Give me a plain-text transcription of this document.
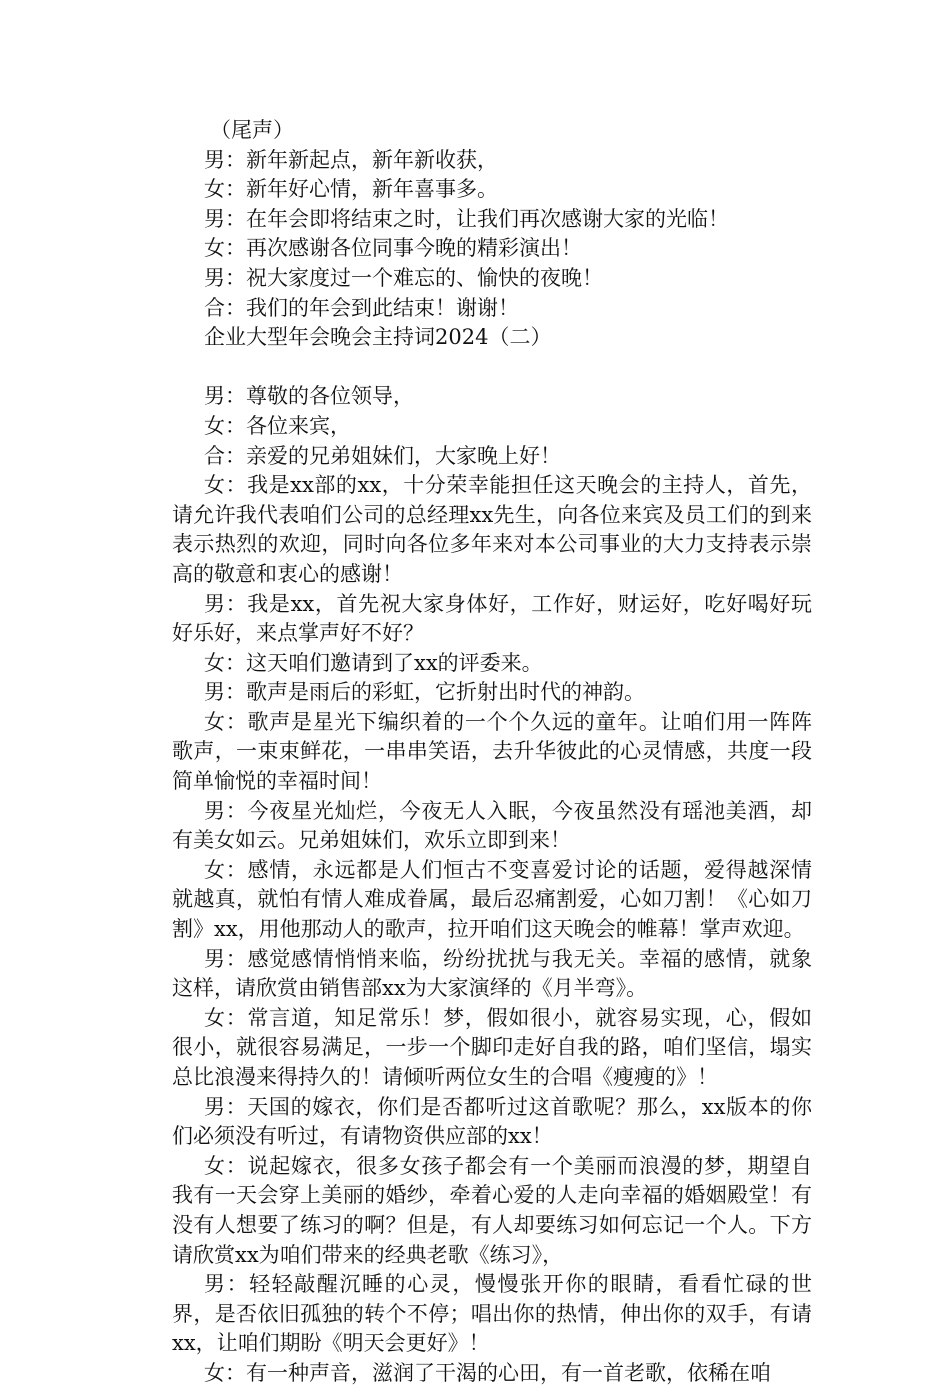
（尾声）
男：新年新起点，新年新收获，
女：新年好心情，新年喜事多。
男：在年会即将结束之时，让我们再次感谢大家的光临！
女：再次感谢各位同事今晚的精彩演出！
男：祝大家度过一个难忘的、愉快的夜晚！
合：我们的年会到此结束！谢谢！
企业大型年会晚会主持词2024（二）
男：尊敬的各位领导，
女：各位来宾，
合：亲爱的兄弟姐妹们，大家晚上好！
女：我是xx部的xx，十分荣幸能担任这天晚会的主持人，首先，请允许我代表咱们公司的总经理xx先生，向各位来宾及员工们的到来表示热烈的欢迎，同时向各位多年来对本公司事业的大力支持表示崇高的敬意和衷心的感谢！
男：我是xx，首先祝大家身体好，工作好，财运好，吃好喝好玩好乐好，来点掌声好不好？
女：这天咱们邀请到了xx的评委来。
男：歌声是雨后的彩虹，它折射出时代的神韵。
女：歌声是星光下编织着的一个个久远的童年。让咱们用一阵阵歌声，一束束鲜花，一串串笑语，去升华彼此的心灵情感，共度一段简单愉悦的幸福时间！
男：今夜星光灿烂，今夜无人入眠，今夜虽然没有瑶池美酒，却有美女如云。兄弟姐妹们，欢乐立即到来！
女：感情，永远都是人们恒古不变喜爱讨论的话题，爱得越深情就越真，就怕有情人难成眷属，最后忍痛割爱，心如刀割！《心如刀割》xx，用他那动人的歌声，拉开咱们这天晚会的帷幕！掌声欢迎。
男：感觉感情悄悄来临，纷纷扰扰与我无关。幸福的感情，就象这样，请欣赏由销售部xx为大家演绎的《月半弯》。
女：常言道，知足常乐！梦，假如很小，就容易实现，心，假如很小，就很容易满足，一步一个脚印走好自我的路，咱们坚信，塌实总比浪漫来得持久的！请倾听两位女生的合唱《瘦瘦的》！
男：天国的嫁衣，你们是否都听过这首歌呢？那么，xx版本的你们必须没有听过，有请物资供应部的xx！
女：说起嫁衣，很多女孩子都会有一个美丽而浪漫的梦，期望自我有一天会穿上美丽的婚纱，牵着心爱的人走向幸福的婚姻殿堂！有没有人想要了练习的啊？但是，有人却要练习如何忘记一个人。下方请欣赏xx为咱们带来的经典老歌《练习》，
男：轻轻敲醒沉睡的心灵，慢慢张开你的眼睛，看看忙碌的世界，是否依旧孤独的转个不停；唱出你的热情，伸出你的双手，有请xx，让咱们期盼《明天会更好》！
女：有一种声音，滋润了干渴的心田，有一首老歌，依稀在咱
